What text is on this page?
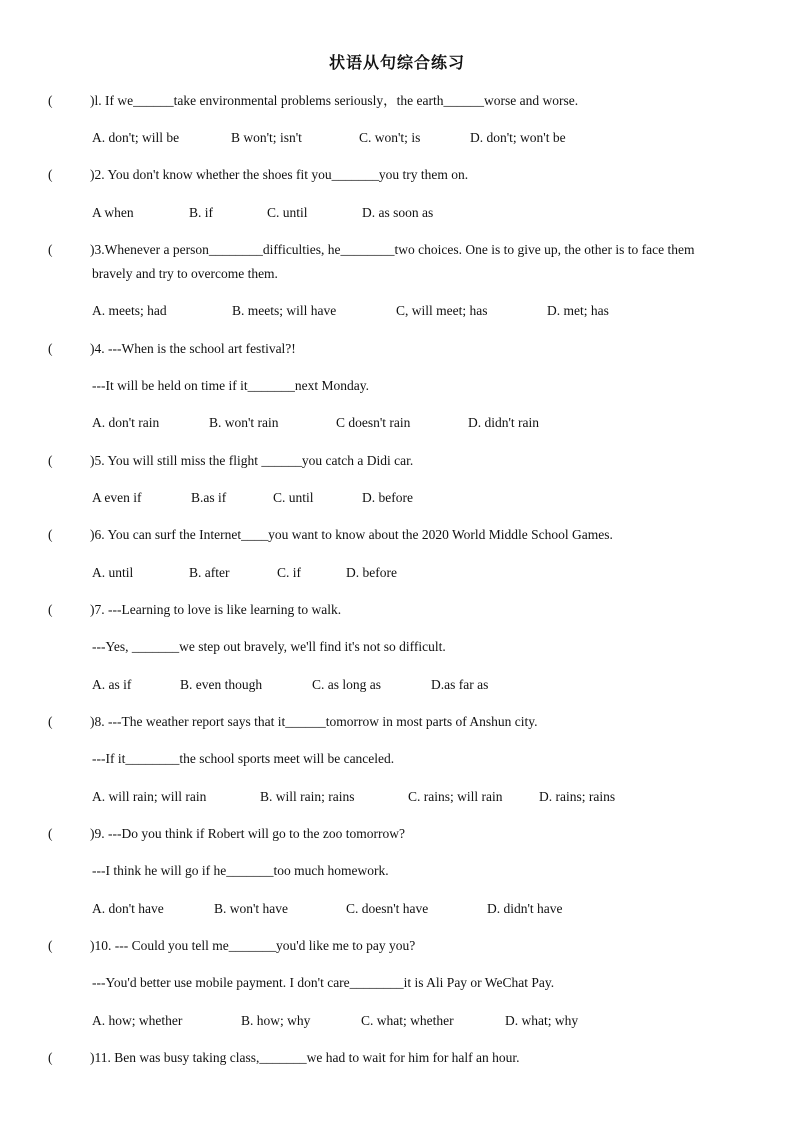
状语从句综合练习
(	)l. If we______take environmental problems seriously，the earth______worse and worse.
A. don't; will be	B won't; isn't	C. won't; is	D. don't; won't be
(	)2. You don't know whether the shoes fit you_______you try them on.
A when	B. if	C. until	D. as soon as
(	)3.Whenever a person________difficulties, he________two choices. One is to give up, the other is to face them
bravely and try to overcome them.
A. meets; had	B. meets; will have	C, will meet; has	D. met; has
(	)4. ---When is the school art festival?!
---It will be held on time if it_______next Monday.
A. don't rain	B. won't rain	C doesn't rain	D. didn't rain
(	)5. You will still miss the flight ______you catch a Didi car.
A even if	B.as if	C. until	D. before
(	)6. You can surf the Internet____you want to know about the 2020 World Middle School Games.
A. until	B. after	C. if	D. before
(	)7. ---Learning to love is like learning to walk.
---Yes, _______we step out bravely, we'll find it's not so difficult.
A. as if	B. even though	C. as long as	D.as far as
(	)8. ---The weather report says that it______tomorrow in most parts of Anshun city.
---If it________the school sports meet will be canceled.
A. will rain; will rain	B. will rain; rains	C. rains; will rain	D. rains; rains
(	)9. ---Do you think if Robert will go to the zoo tomorrow?
---I think he will go if he_______too much homework.
A. don't have	B. won't have	C. doesn't have	D. didn't have
(	)10. --- Could you tell me_______you'd like me to pay you?
---You'd better use mobile payment. I don't care________it is Ali Pay or WeChat Pay.
A. how; whether	B. how; why	C. what; whether	D. what; why
(	)11. Ben was busy taking class,_______we had to wait for him for half an hour.
